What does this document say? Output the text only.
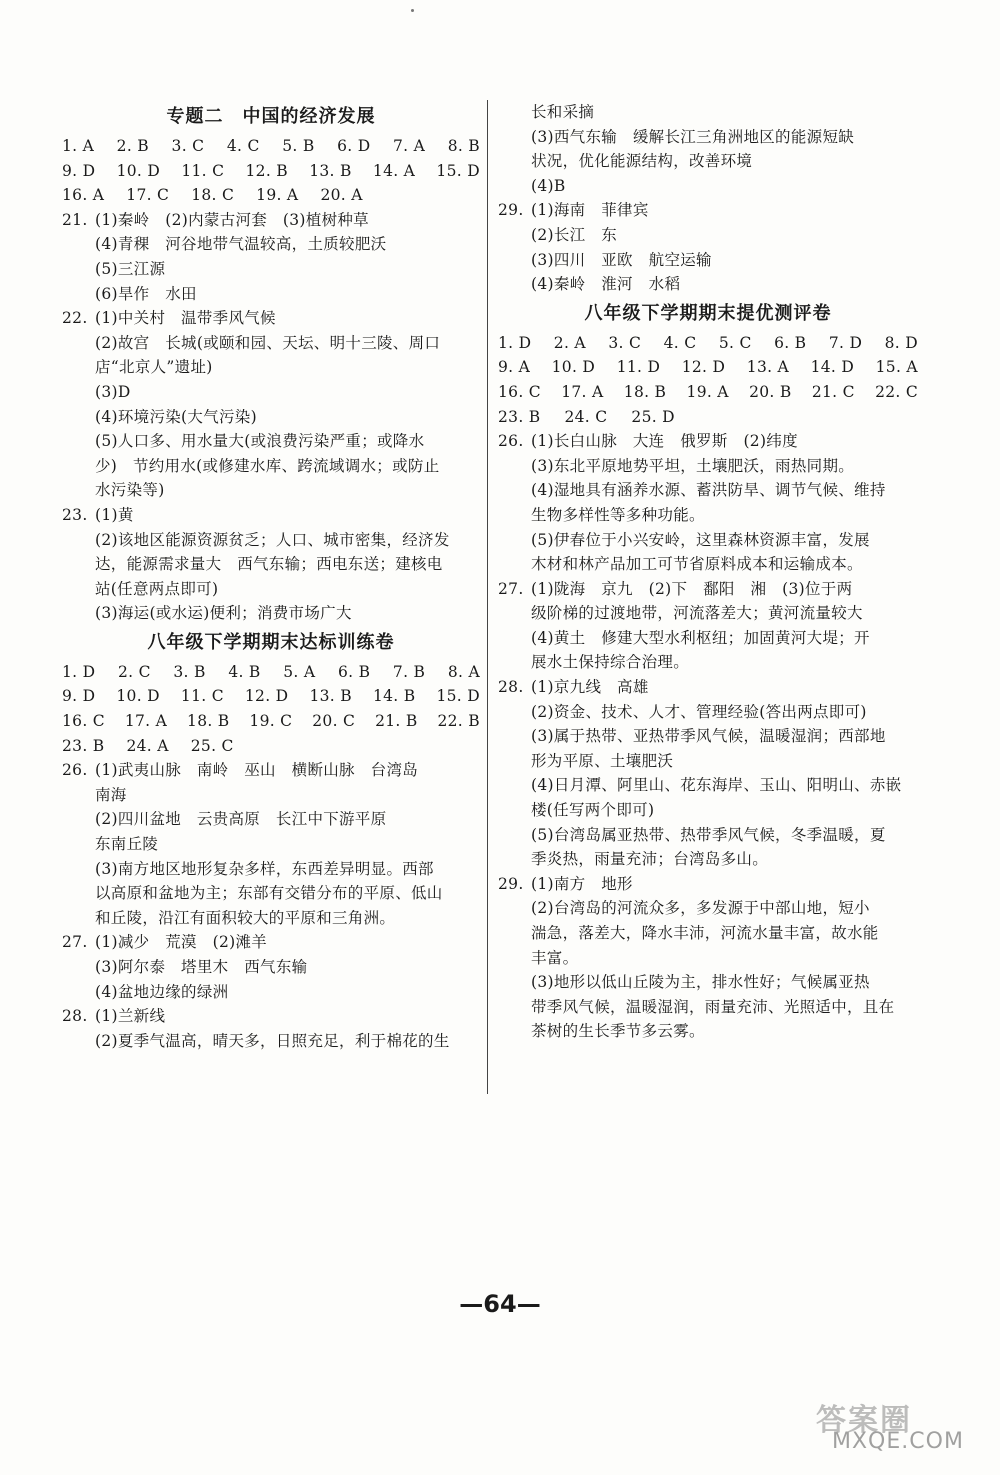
专题二　中国的经济发展
1. A 2. B 3. C 4. C 5. B 6. D 7. A 8. B
9. D 10. D 11. C 12. B 13. B 14. A 15. D
16. A 17. C 18. C 19. A 20. A
21. (1)秦岭　(2)内蒙古河套　(3)植树种草
(4)青稞　河谷地带气温较高，土质较肥沃
(5)三江源
(6)旱作　水田
22. (1)中关村　温带季风气候
(2)故宫　长城(或颐和园、天坛、明十三陵、周口
店“北京人”遗址)
(3)D
(4)环境污染(大气污染)
(5)人口多、用水量大(或浪费污染严重；或降水
少)　节约用水(或修建水库、跨流域调水；或防止
水污染等)
23. (1)黄
(2)该地区能源资源贫乏；人口、城市密集，经济发
达，能源需求量大　西气东输；西电东送；建核电
站(任意两点即可)
(3)海运(或水运)便利；消费市场广大
八年级下学期期末达标训练卷
1. D 2. C 3. B 4. B 5. A 6. B 7. B 8. A
9. D 10. D 11. C 12. D 13. B 14. B 15. D
16. C 17. A 18. B 19. C 20. C 21. B 22. B
23. B 24. A 25. C
26. (1)武夷山脉　南岭　巫山　横断山脉　台湾岛
南海
(2)四川盆地　云贵高原　长江中下游平原
东南丘陵
(3)南方地区地形复杂多样，东西差异明显。西部
以高原和盆地为主；东部有交错分布的平原、低山
和丘陵，沿江有面积较大的平原和三角洲。
27. (1)减少　荒漠　(2)滩羊
(3)阿尔泰　塔里木　西气东输
(4)盆地边缘的绿洲
28. (1)兰新线
(2)夏季气温高，晴天多，日照充足，利于棉花的生
长和采摘
(3)西气东输　缓解长江三角洲地区的能源短缺
状况，优化能源结构，改善环境
(4)B
29. (1)海南　菲律宾
(2)长江　东
(3)四川　亚欧　航空运输
(4)秦岭　淮河　水稻
八年级下学期期末提优测评卷
1. D 2. A 3. C 4. C 5. C 6. B 7. D 8. D
9. A 10. D 11. D 12. D 13. A 14. D 15. A
16. C 17. A 18. B 19. A 20. B 21. C 22. C
23. B 24. C 25. D
26. (1)长白山脉　大连　俄罗斯　(2)纬度
(3)东北平原地势平坦，土壤肥沃，雨热同期。
(4)湿地具有涵养水源、蓄洪防旱、调节气候、维持
生物多样性等多种功能。
(5)伊春位于小兴安岭，这里森林资源丰富，发展
木材和林产品加工可节省原料成本和运输成本。
27. (1)陇海　京九　(2)下　鄱阳　湘　(3)位于两
级阶梯的过渡地带，河流落差大；黄河流量较大
(4)黄土　修建大型水利枢纽；加固黄河大堤；开
展水土保持综合治理。
28. (1)京九线　高雄
(2)资金、技术、人才、管理经验(答出两点即可)
(3)属于热带、亚热带季风气候，温暖湿润；西部地
形为平原、土壤肥沃
(4)日月潭、阿里山、花东海岸、玉山、阳明山、赤嵌
楼(任写两个即可)
(5)台湾岛属亚热带、热带季风气候，冬季温暖，夏
季炎热，雨量充沛；台湾岛多山。
29. (1)南方　地形
(2)台湾岛的河流众多，多发源于中部山地，短小
湍急，落差大，降水丰沛，河流水量丰富，故水能
丰富。
(3)地形以低山丘陵为主，排水性好；气候属亚热
带季风气候，温暖湿润，雨量充沛、光照适中，且在
茶树的生长季节多云雾。
—64—
答案圈
MXQE.COM
